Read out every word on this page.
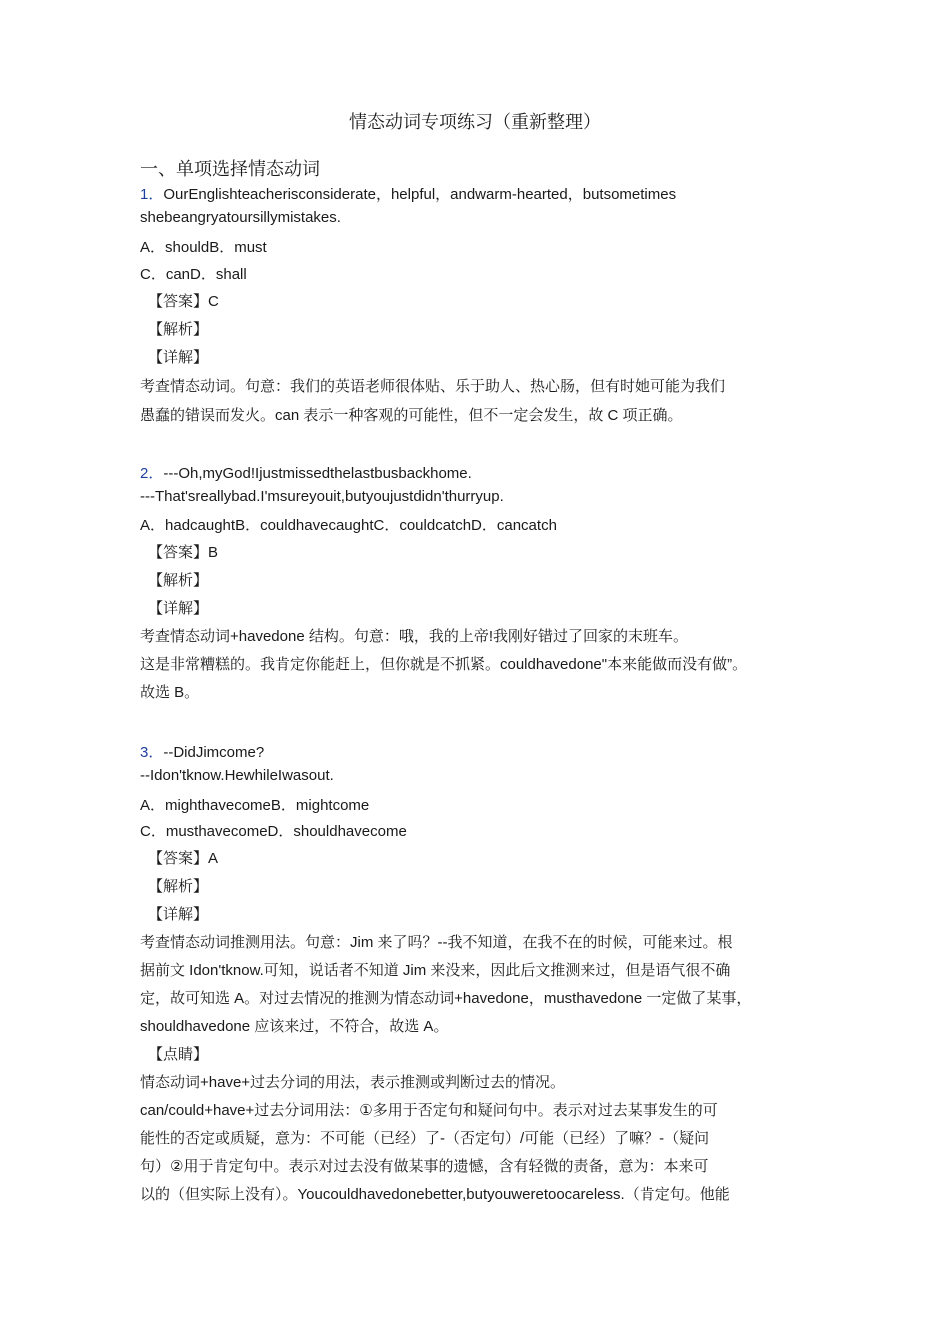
情态动词专项练习（重新整理）
一、单项选择情态动词
1．OurEnglishteacherisconsiderate，helpful，andwarm-hearted，butsometimes
shebeangryatoursillymistakes.
A．shouldB．must
C．canD．shall
【答案】C
【解析】
【详解】
考查情态动词。句意：我们的英语老师很体贴、乐于助人、热心肠，但有时她可能为我们
愚蠢的错误而发火。can 表示一种客观的可能性，但不一定会发生，故 C 项正确。
2．---Oh,myGod!Ijustmissedthelastbusbackhome.
---That'sreallybad.I'msureyouit,butyoujustdidn'thurryup.
A．hadcaughtB．couldhavecaughtC．couldcatchD．cancatch
【答案】B
【解析】
【详解】
考查情态动词+havedone 结构。句意：哦，我的上帝!我刚好错过了回家的末班车。
这是非常糟糕的。我肯定你能赶上，但你就是不抓紧。couldhavedone"本来能做而没有做”。
故选 B。
3．--DidJimcome?
--Idon'tknow.HewhileIwasout.
A．mighthavecomeB．mightcome
C．musthavecomeD．shouldhavecome
【答案】A
【解析】
【详解】
考查情态动词推测用法。句意：Jim 来了吗？--我不知道，在我不在的时候，可能来过。根
据前文 Idon'tknow.可知，说话者不知道 Jim 来没来，因此后文推测来过，但是语气很不确
定，故可知选 A。对过去情况的推测为情态动词+havedone，musthavedone 一定做了某事，
shouldhavedone 应该来过，不符合，故选 A。
【点睛】
情态动词+have+过去分词的用法，表示推测或判断过去的情况。
can/could+have+过去分词用法：①多用于否定句和疑问句中。表示对过去某事发生的可
能性的否定或质疑，意为：不可能（已经）了-（否定句）/可能（已经）了嘛？-（疑问
句）②用于肯定句中。表示对过去没有做某事的遗憾，含有轻微的责备，意为：本来可
以的（但实际上没有）。Youcouldhavedonebetter,butyouweretoocareless.（肯定句。他能
